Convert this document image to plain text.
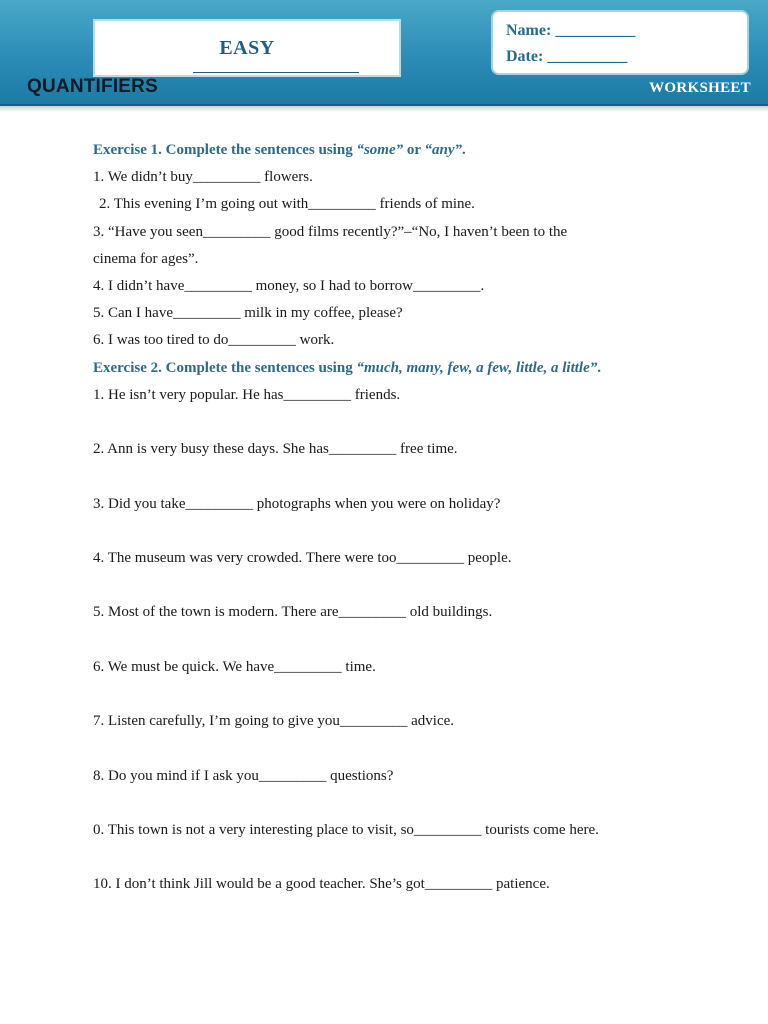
EASY
QUANTIFIERS	WORKSHEET
Name: __________
Date: __________

Exercise 1. Complete the sentences using “some” or “any”.

1. We didn’t buy_________ flowers.

2. This evening I’m going out with_________ friends of mine.

3. “Have you seen_________ good films recently?”–“No, I haven’t been to the

cinema for ages”.

4. I didn’t have_________ money, so I had to borrow_________.

5. Can I have_________ milk in my coffee, please?

6. I was too tired to do_________ work.

Exercise 2. Complete the sentences using “much, many, few, a few, little, a little”.

1. He isn’t very popular. He has_________ friends.

2. Ann is very busy these days. She has_________ free time.

3. Did you take_________ photographs when you were on holiday?

4. The museum was very crowded. There were too_________ people.

5. Most of the town is modern. There are_________ old buildings.

6. We must be quick. We have_________ time.

7. Listen carefully, I’m going to give you_________ advice.

8. Do you mind if I ask you_________ questions?

0. This town is not a very interesting place to visit, so_________ tourists come here.

10. I don’t think Jill would be a good teacher. She’s got_________ patience.
